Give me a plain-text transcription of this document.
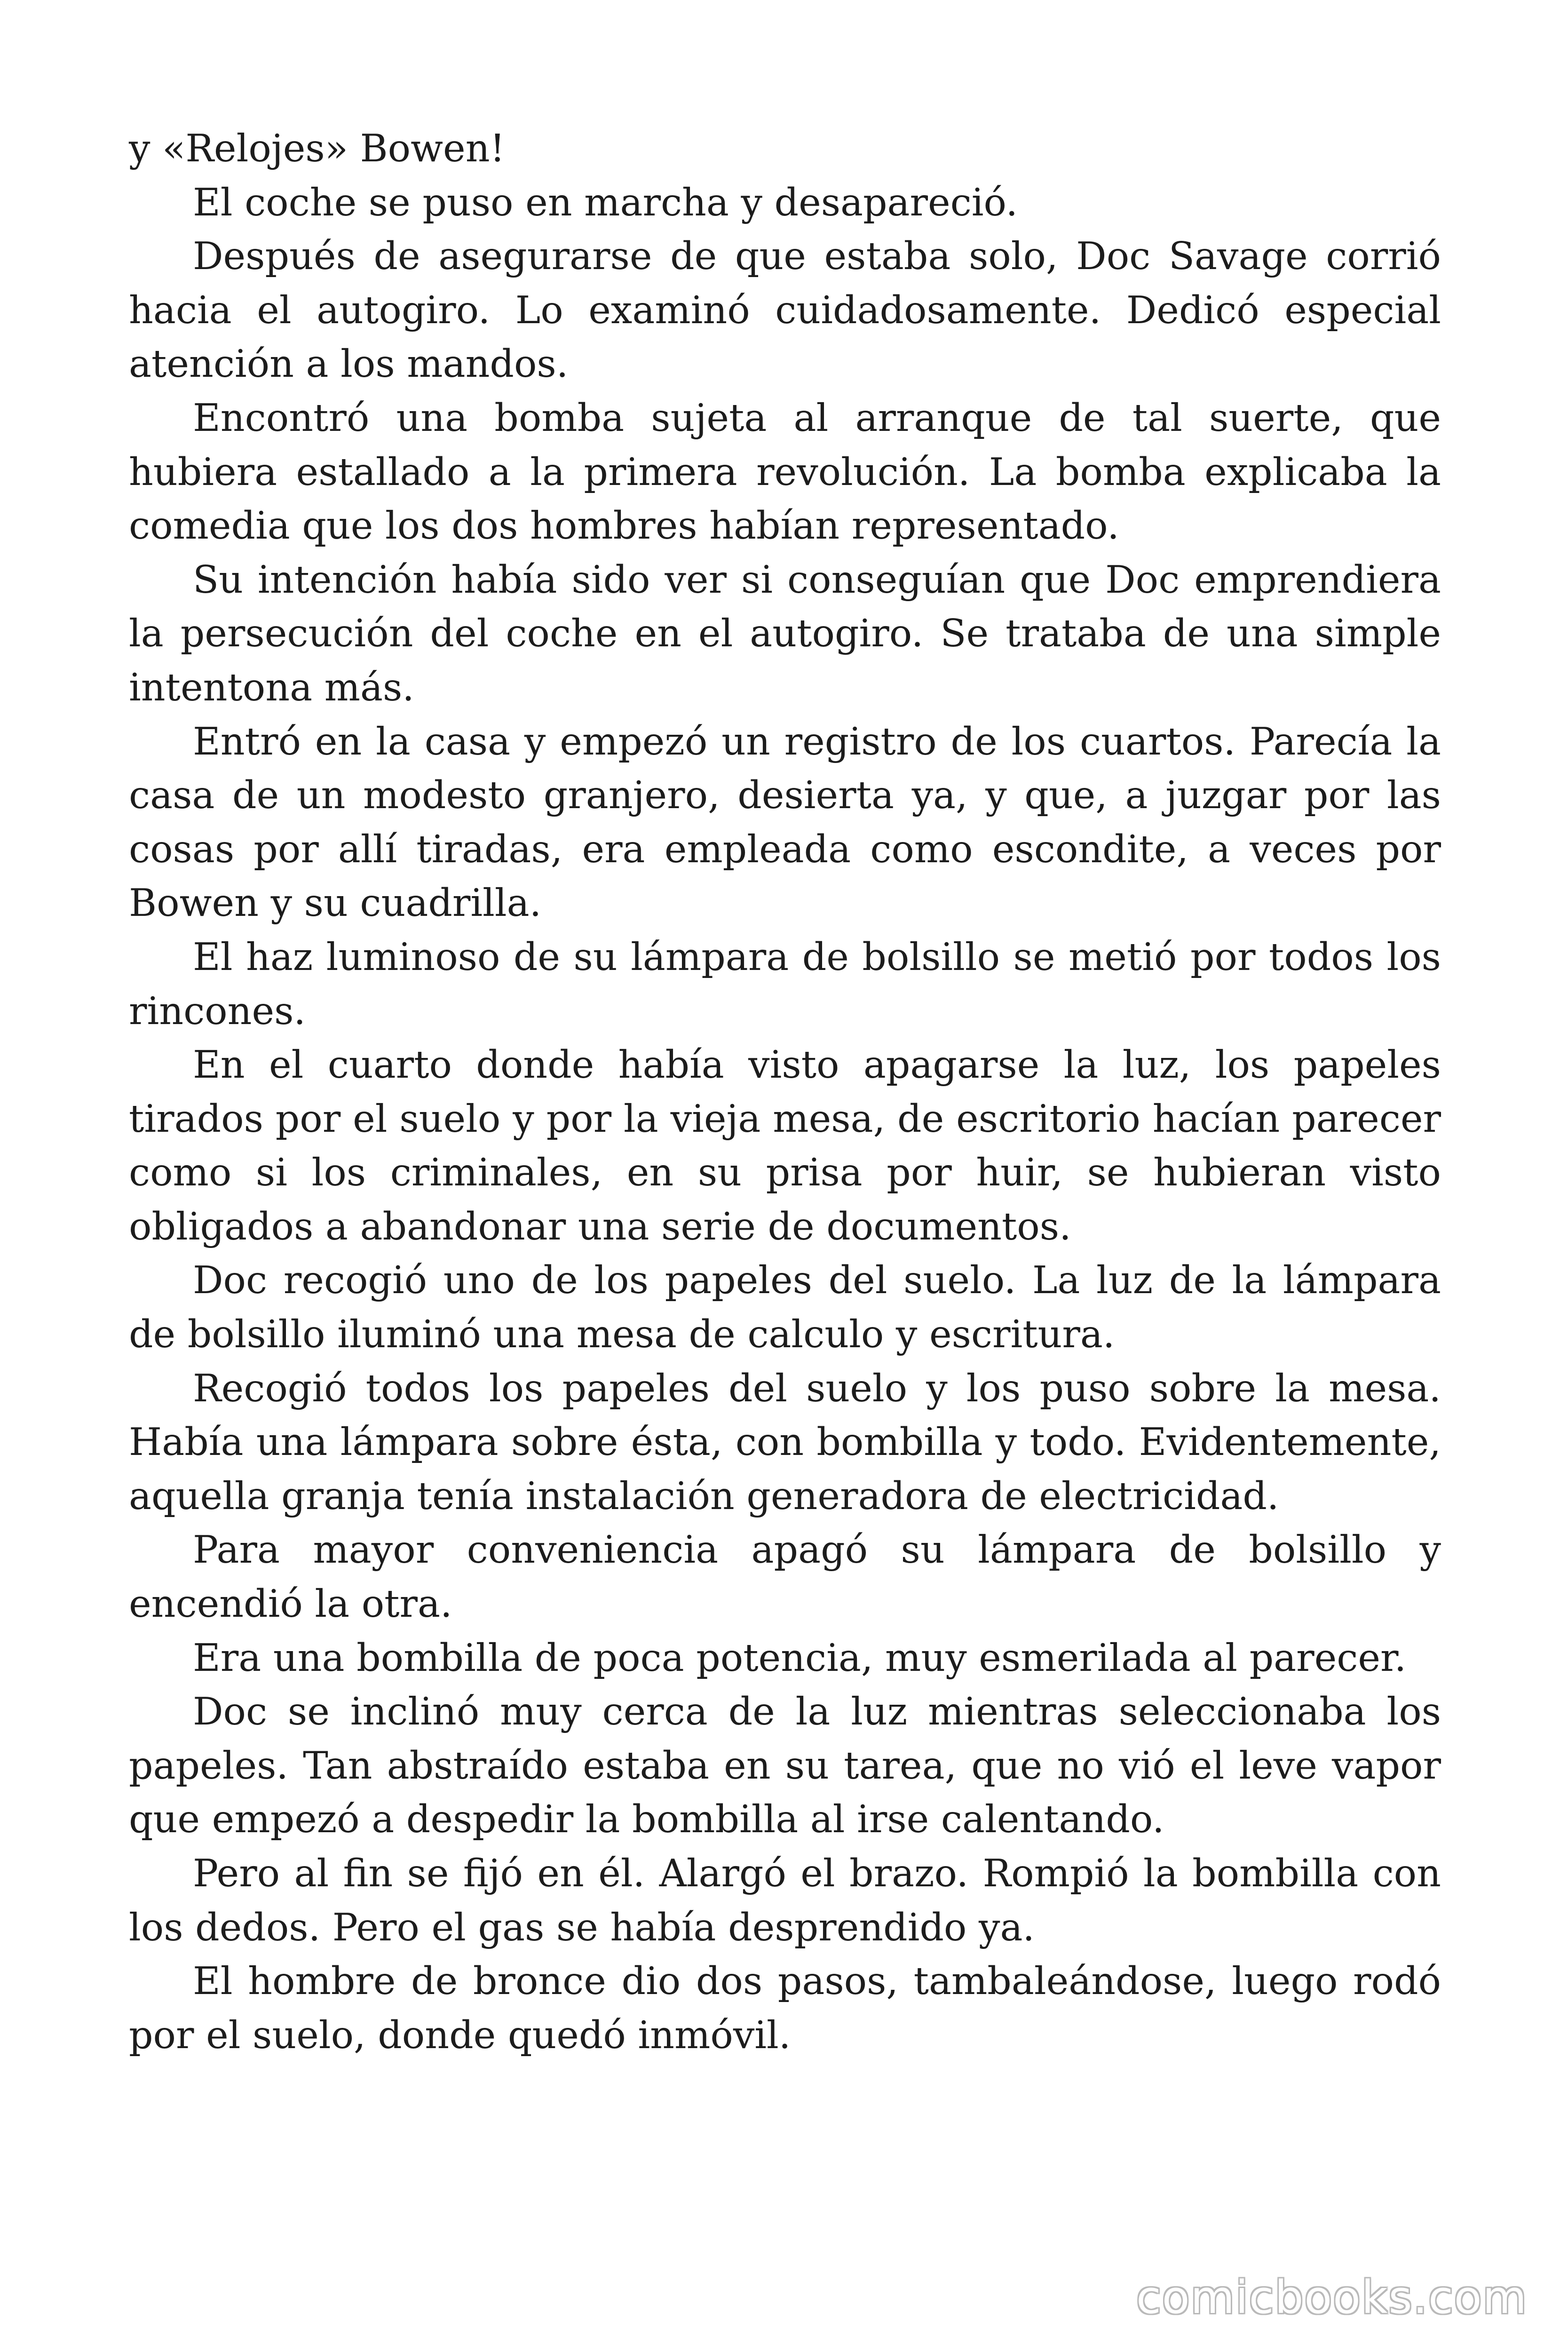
y «Relojes» Bowen!

El coche se puso en marcha y desapareció.

Después de asegurarse de que estaba solo, Doc Savage corrió hacia el autogiro. Lo examinó cuidadosamente. Dedicó especial atención a los mandos.

Encontró una bomba sujeta al arranque de tal suerte, que hubiera estallado a la primera revolución. La bomba explicaba la comedia que los dos hombres habían representado.

Su intención había sido ver si conseguían que Doc emprendiera la persecución del coche en el autogiro. Se trataba de una simple intentona más.

Entró en la casa y empezó un registro de los cuartos. Parecía la casa de un modesto granjero, desierta ya, y que, a juzgar por las cosas por allí tiradas, era empleada como escondite, a veces por Bowen y su cuadrilla.

El haz luminoso de su lámpara de bolsillo se metió por todos los rincones.

En el cuarto donde había visto apagarse la luz, los papeles tirados por el suelo y por la vieja mesa, de escritorio hacían parecer como si los criminales, en su prisa por huir, se hubieran visto obligados a abandonar una serie de documentos.

Doc recogió uno de los papeles del suelo. La luz de la lámpara de bolsillo iluminó una mesa de calculo y escritura.

Recogió todos los papeles del suelo y los puso sobre la mesa. Había una lámpara sobre ésta, con bombilla y todo. Evidentemente, aquella granja tenía instalación generadora de electricidad.

Para mayor conveniencia apagó su lámpara de bolsillo y encendió la otra.

Era una bombilla de poca potencia, muy esmerilada al parecer.

Doc se inclinó muy cerca de la luz mientras seleccionaba los papeles. Tan abstraído estaba en su tarea, que no vió el leve vapor que empezó a despedir la bombilla al irse calentando.

Pero al fin se fijó en él. Alargó el brazo. Rompió la bombilla con los dedos. Pero el gas se había desprendido ya.

El hombre de bronce dio dos pasos, tambaleándose, luego rodó por el suelo, donde quedó inmóvil.

comicbooks.com
